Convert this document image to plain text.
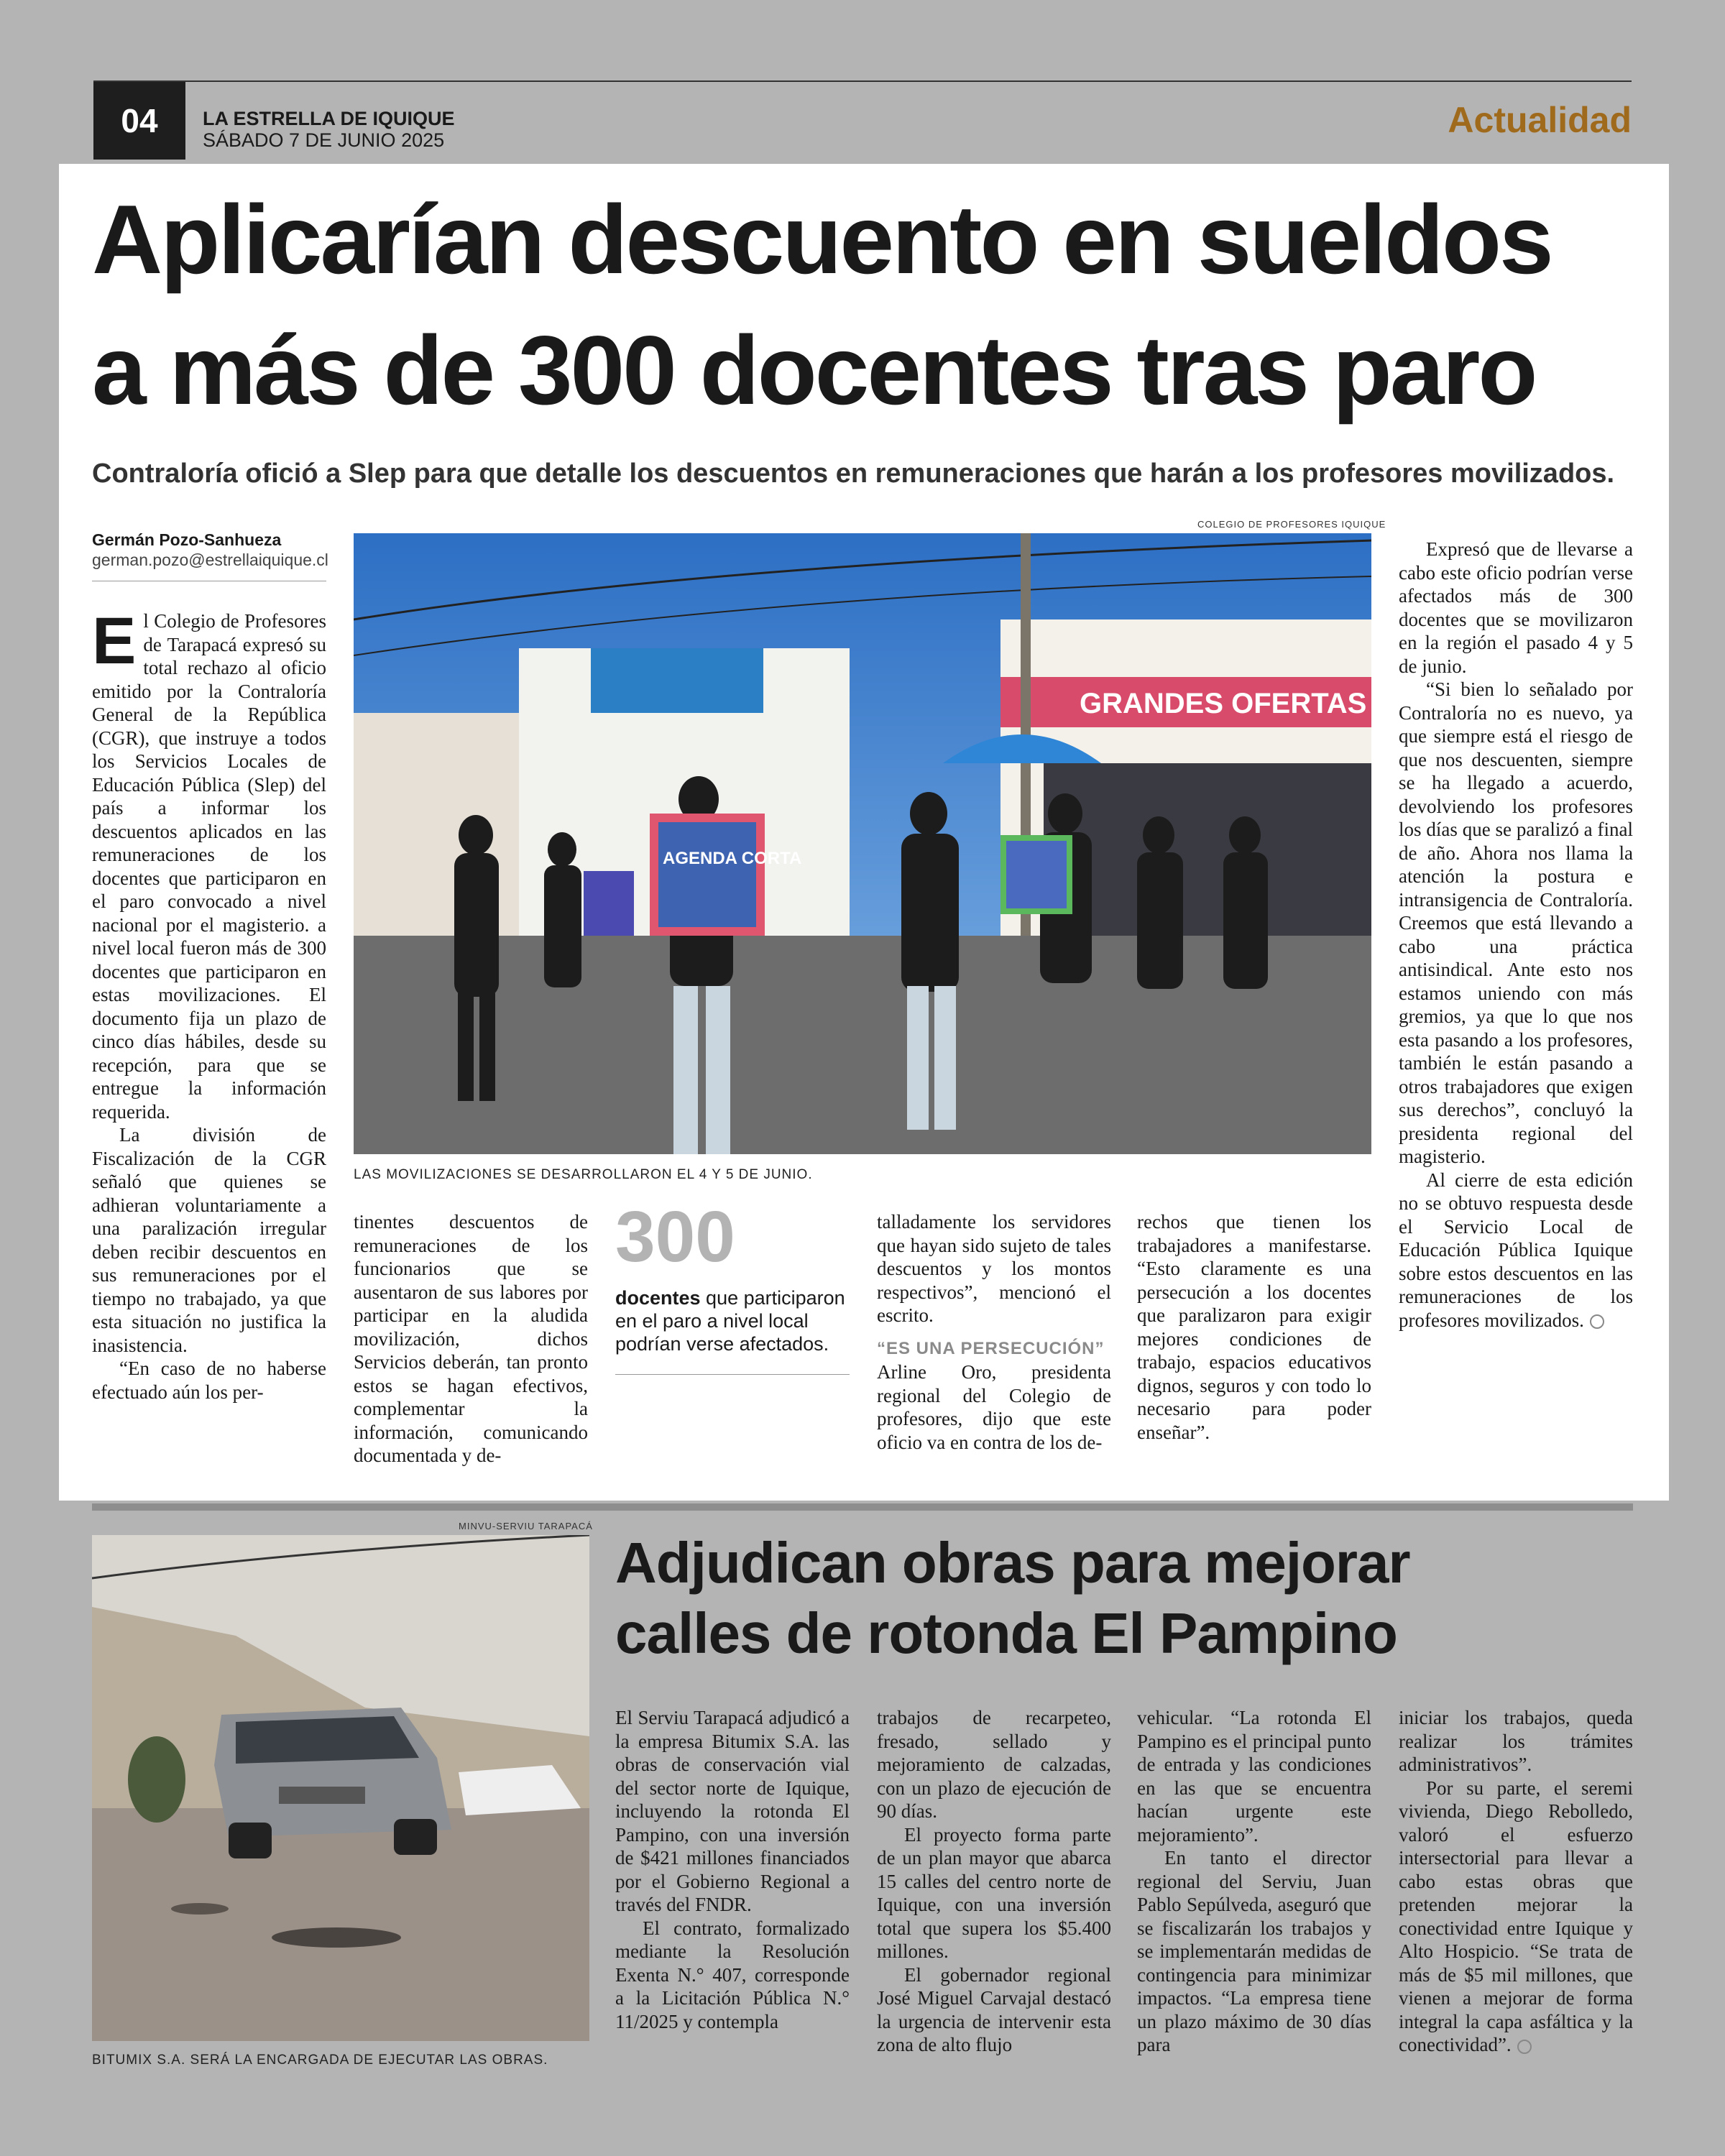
04 LA ESTRELLA DE IQUIQUE
SÁBADO 7 DE JUNIO 2025	Actualidad
Aplicarían descuento en sueldos
a más de 300 docentes tras paro
Contraloría ofició a Slep para que detalle los descuentos en remuneraciones que harán a los profesores movilizados.
Germán Pozo-Sanhueza
german.pozo@estrellaiquique.cl
COLEGIO DE PROFESORES IQUIQUE
GRANDES OFERTAS
AGENDA CORTA
LAS MOVILIZACIONES SE DESARROLLARON EL 4 Y 5 DE JUNIO.

El Colegio de Profesores de Tarapacá expresó su total rechazo al oficio emitido por la Contraloría General de la República (CGR), que instruye a todos los Servicios Locales de Educación Pública (Slep) del país a informar los descuentos aplicados en las remuneraciones de los docentes que participaron en el paro convocado a nivel nacional por el magisterio. a nivel local fueron más de 300 docentes que participaron en estas movilizaciones. El documento fija un plazo de cinco días hábiles, desde su recepción, para que se entregue la información requerida.

La división de Fiscalización de la CGR señaló que quienes se adhieran voluntariamente a una paralización irregular deben recibir descuentos en sus remuneraciones por el tiempo no trabajado, ya que esta situación no justifica la inasistencia.

“En caso de no haberse efectuado aún los per-

tinentes descuentos de remuneraciones de los funcionarios que se ausentaron de sus labores por participar en la aludida movilización, dichos Servicios deberán, tan pronto estos se hagan efectivos, complementar la información, comunicando documentada y de-

300
docentes que participaron en el paro a nivel local podrían verse afectados.

talladamente los servidores que hayan sido sujeto de tales descuentos y los montos respectivos”, mencionó el escrito.

“ES UNA PERSECUCIÓN”

Arline Oro, presidenta regional del Colegio de profesores, dijo que este oficio va en contra de los de-

rechos que tienen los trabajadores a manifestarse. “Esto claramente es una persecución a los docentes que paralizaron para exigir mejores condiciones de trabajo, espacios educativos dignos, seguros y con todo lo necesario para poder enseñar”.

Expresó que de llevarse a cabo este oficio podrían verse afectados más de 300 docentes que se movilizaron en la región el pasado 4 y 5 de junio.

“Si bien lo señalado por Contraloría no es nuevo, ya que siempre está el riesgo de que nos descuenten, siempre se ha llegado a acuerdo, devolviendo los profesores los días que se paralizó a final de año. Ahora nos llama la atención la postura e intransigencia de Contraloría. Creemos que está llevando a cabo una práctica antisindical. Ante esto nos estamos uniendo con más gremios, ya que lo que nos esta pasando a los profesores, también le están pasando a otros trabajadores que exigen sus derechos”, concluyó la presidenta regional del magisterio.

Al cierre de esta edición no se obtuvo respuesta desde el Servicio Local de Educación Pública Iquique sobre estos descuentos en las remuneraciones de los profesores movilizados.

MINVU-SERVIU TARAPACÁ
BITUMIX S.A. SERÁ LA ENCARGADA DE EJECUTAR LAS OBRAS.
Adjudican obras para mejorar
calles de rotonda El Pampino

El Serviu Tarapacá adjudicó a la empresa Bitumix S.A. las obras de conservación vial del sector norte de Iquique, incluyendo la rotonda El Pampino, con una inversión de $421 millones financiados por el Gobierno Regional a través del FNDR.

El contrato, formalizado mediante la Resolución Exenta N.° 407, corresponde a la Licitación Pública N.° 11/2025 y contempla

trabajos de recarpeteo, fresado, sellado y mejoramiento de calzadas, con un plazo de ejecución de 90 días.

El proyecto forma parte de un plan mayor que abarca 15 calles del centro norte de Iquique, con una inversión total que supera los $5.400 millones.

El gobernador regional José Miguel Carvajal destacó la urgencia de intervenir esta zona de alto flujo

vehicular. “La rotonda El Pampino es el principal punto de entrada y las condiciones en las que se encuentra hacían urgente este mejoramiento”.

En tanto el director regional del Serviu, Juan Pablo Sepúlveda, aseguró que se fiscalizarán los trabajos y se implementarán medidas de contingencia para minimizar impactos. “La empresa tiene un plazo máximo de 30 días para

iniciar los trabajos, queda realizar los trámites administrativos”.

Por su parte, el seremi vivienda, Diego Rebolledo, valoró el esfuerzo intersectorial para llevar a cabo estas obras que pretenden mejorar la conectividad entre Iquique y Alto Hospicio. “Se trata de más de $5 mil millones, que vienen a mejorar de forma integral la capa asfáltica y la conectividad”.
